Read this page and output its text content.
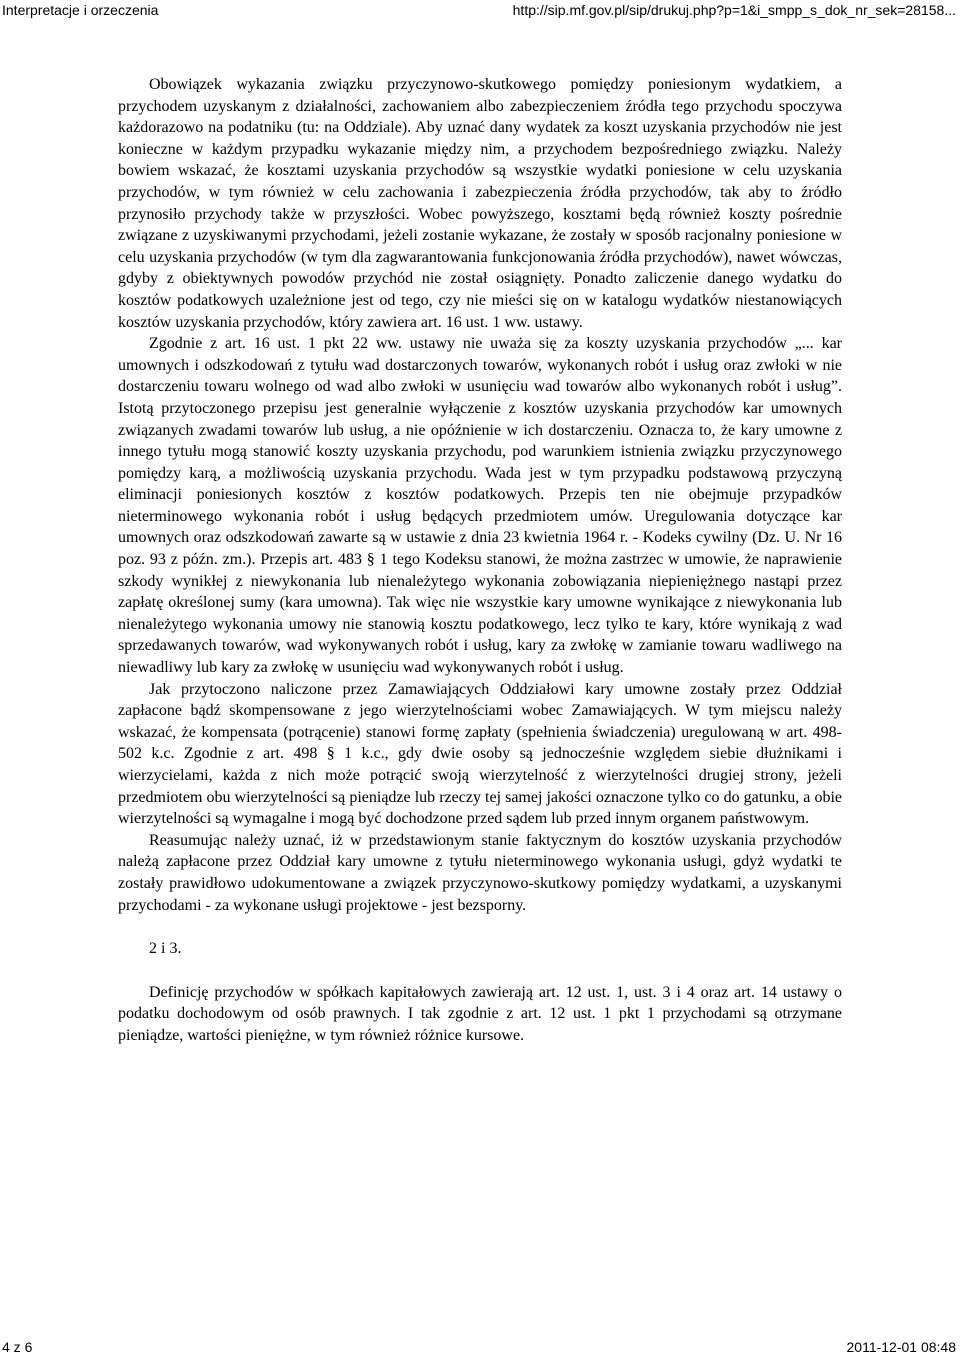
Interpretacje i orzeczenia	http://sip.mf.gov.pl/sip/drukuj.php?p=1&i_smpp_s_dok_nr_sek=28158...

Obowiązek wykazania związku przyczynowo-skutkowego pomiędzy poniesionym wydatkiem, a przychodem uzyskanym z działalności, zachowaniem albo zabezpieczeniem źródła tego przychodu spoczywa każdorazowo na podatniku (tu: na Oddziale). Aby uznać dany wydatek za koszt uzyskania przychodów nie jest konieczne w każdym przypadku wykazanie między nim, a przychodem bezpośredniego związku. Należy bowiem wskazać, że kosztami uzyskania przychodów są wszystkie wydatki poniesione w celu uzyskania przychodów, w tym również w celu zachowania i zabezpieczenia źródła przychodów, tak aby to źródło przynosiło przychody także w przyszłości. Wobec powyższego, kosztami będą również koszty pośrednie związane z uzyskiwanymi przychodami, jeżeli zostanie wykazane, że zostały w sposób racjonalny poniesione w celu uzyskania przychodów (w tym dla zagwarantowania funkcjonowania źródła przychodów), nawet wówczas, gdyby z obiektywnych powodów przychód nie został osiągnięty. Ponadto zaliczenie danego wydatku do kosztów podatkowych uzależnione jest od tego, czy nie mieści się on w katalogu wydatków niestanowiących kosztów uzyskania przychodów, który zawiera art. 16 ust. 1 ww. ustawy.

Zgodnie z art. 16 ust. 1 pkt 22 ww. ustawy nie uważa się za koszty uzyskania przychodów „... kar umownych i odszkodowań z tytułu wad dostarczonych towarów, wykonanych robót i usług oraz zwłoki w nie dostarczeniu towaru wolnego od wad albo zwłoki w usunięciu wad towarów albo wykonanych robót i usług”. Istotą przytoczonego przepisu jest generalnie wyłączenie z kosztów uzyskania przychodów kar umownych związanych zwadami towarów lub usług, a nie opóźnienie w ich dostarczeniu. Oznacza to, że kary umowne z innego tytułu mogą stanowić koszty uzyskania przychodu, pod warunkiem istnienia związku przyczynowego pomiędzy karą, a możliwością uzyskania przychodu. Wada jest w tym przypadku podstawową przyczyną eliminacji poniesionych kosztów z kosztów podatkowych. Przepis ten nie obejmuje przypadków nieterminowego wykonania robót i usług będących przedmiotem umów. Uregulowania dotyczące kar umownych oraz odszkodowań zawarte są w ustawie z dnia 23 kwietnia 1964 r. - Kodeks cywilny (Dz. U. Nr 16 poz. 93 z późn. zm.). Przepis art. 483 § 1 tego Kodeksu stanowi, że można zastrzec w umowie, że naprawienie szkody wynikłej z niewykonania lub nienależytego wykonania zobowiązania niepieniężnego nastąpi przez zapłatę określonej sumy (kara umowna). Tak więc nie wszystkie kary umowne wynikające z niewykonania lub nienależytego wykonania umowy nie stanowią kosztu podatkowego, lecz tylko te kary, które wynikają z wad sprzedawanych towarów, wad wykonywanych robót i usług, kary za zwłokę w zamianie towaru wadliwego na niewadliwy lub kary za zwłokę w usunięciu wad wykonywanych robót i usług.

Jak przytoczono naliczone przez Zamawiających Oddziałowi kary umowne zostały przez Oddział zapłacone bądź skompensowane z jego wierzytelnościami wobec Zamawiających. W tym miejscu należy wskazać, że kompensata (potrącenie) stanowi formę zapłaty (spełnienia świadczenia) uregulowaną w art. 498-502 k.c. Zgodnie z art. 498 § 1 k.c., gdy dwie osoby są jednocześnie względem siebie dłużnikami i wierzycielami, każda z nich może potrącić swoją wierzytelność z wierzytelności drugiej strony, jeżeli przedmiotem obu wierzytelności są pieniądze lub rzeczy tej samej jakości oznaczone tylko co do gatunku, a obie wierzytelności są wymagalne i mogą być dochodzone przed sądem lub przed innym organem państwowym.

Reasumując należy uznać, iż w przedstawionym stanie faktycznym do kosztów uzyskania przychodów należą zapłacone przez Oddział kary umowne z tytułu nieterminowego wykonania usługi, gdyż wydatki te zostały prawidłowo udokumentowane a związek przyczynowo-skutkowy pomiędzy wydatkami, a uzyskanymi przychodami - za wykonane usługi projektowe - jest bezsporny.

2 i 3.

Definicję przychodów w spółkach kapitałowych zawierają art. 12 ust. 1, ust. 3 i 4 oraz art. 14 ustawy o podatku dochodowym od osób prawnych. I tak zgodnie z art. 12 ust. 1 pkt 1 przychodami są otrzymane pieniądze, wartości pieniężne, w tym również różnice kursowe.

4 z 6	2011-12-01 08:48
